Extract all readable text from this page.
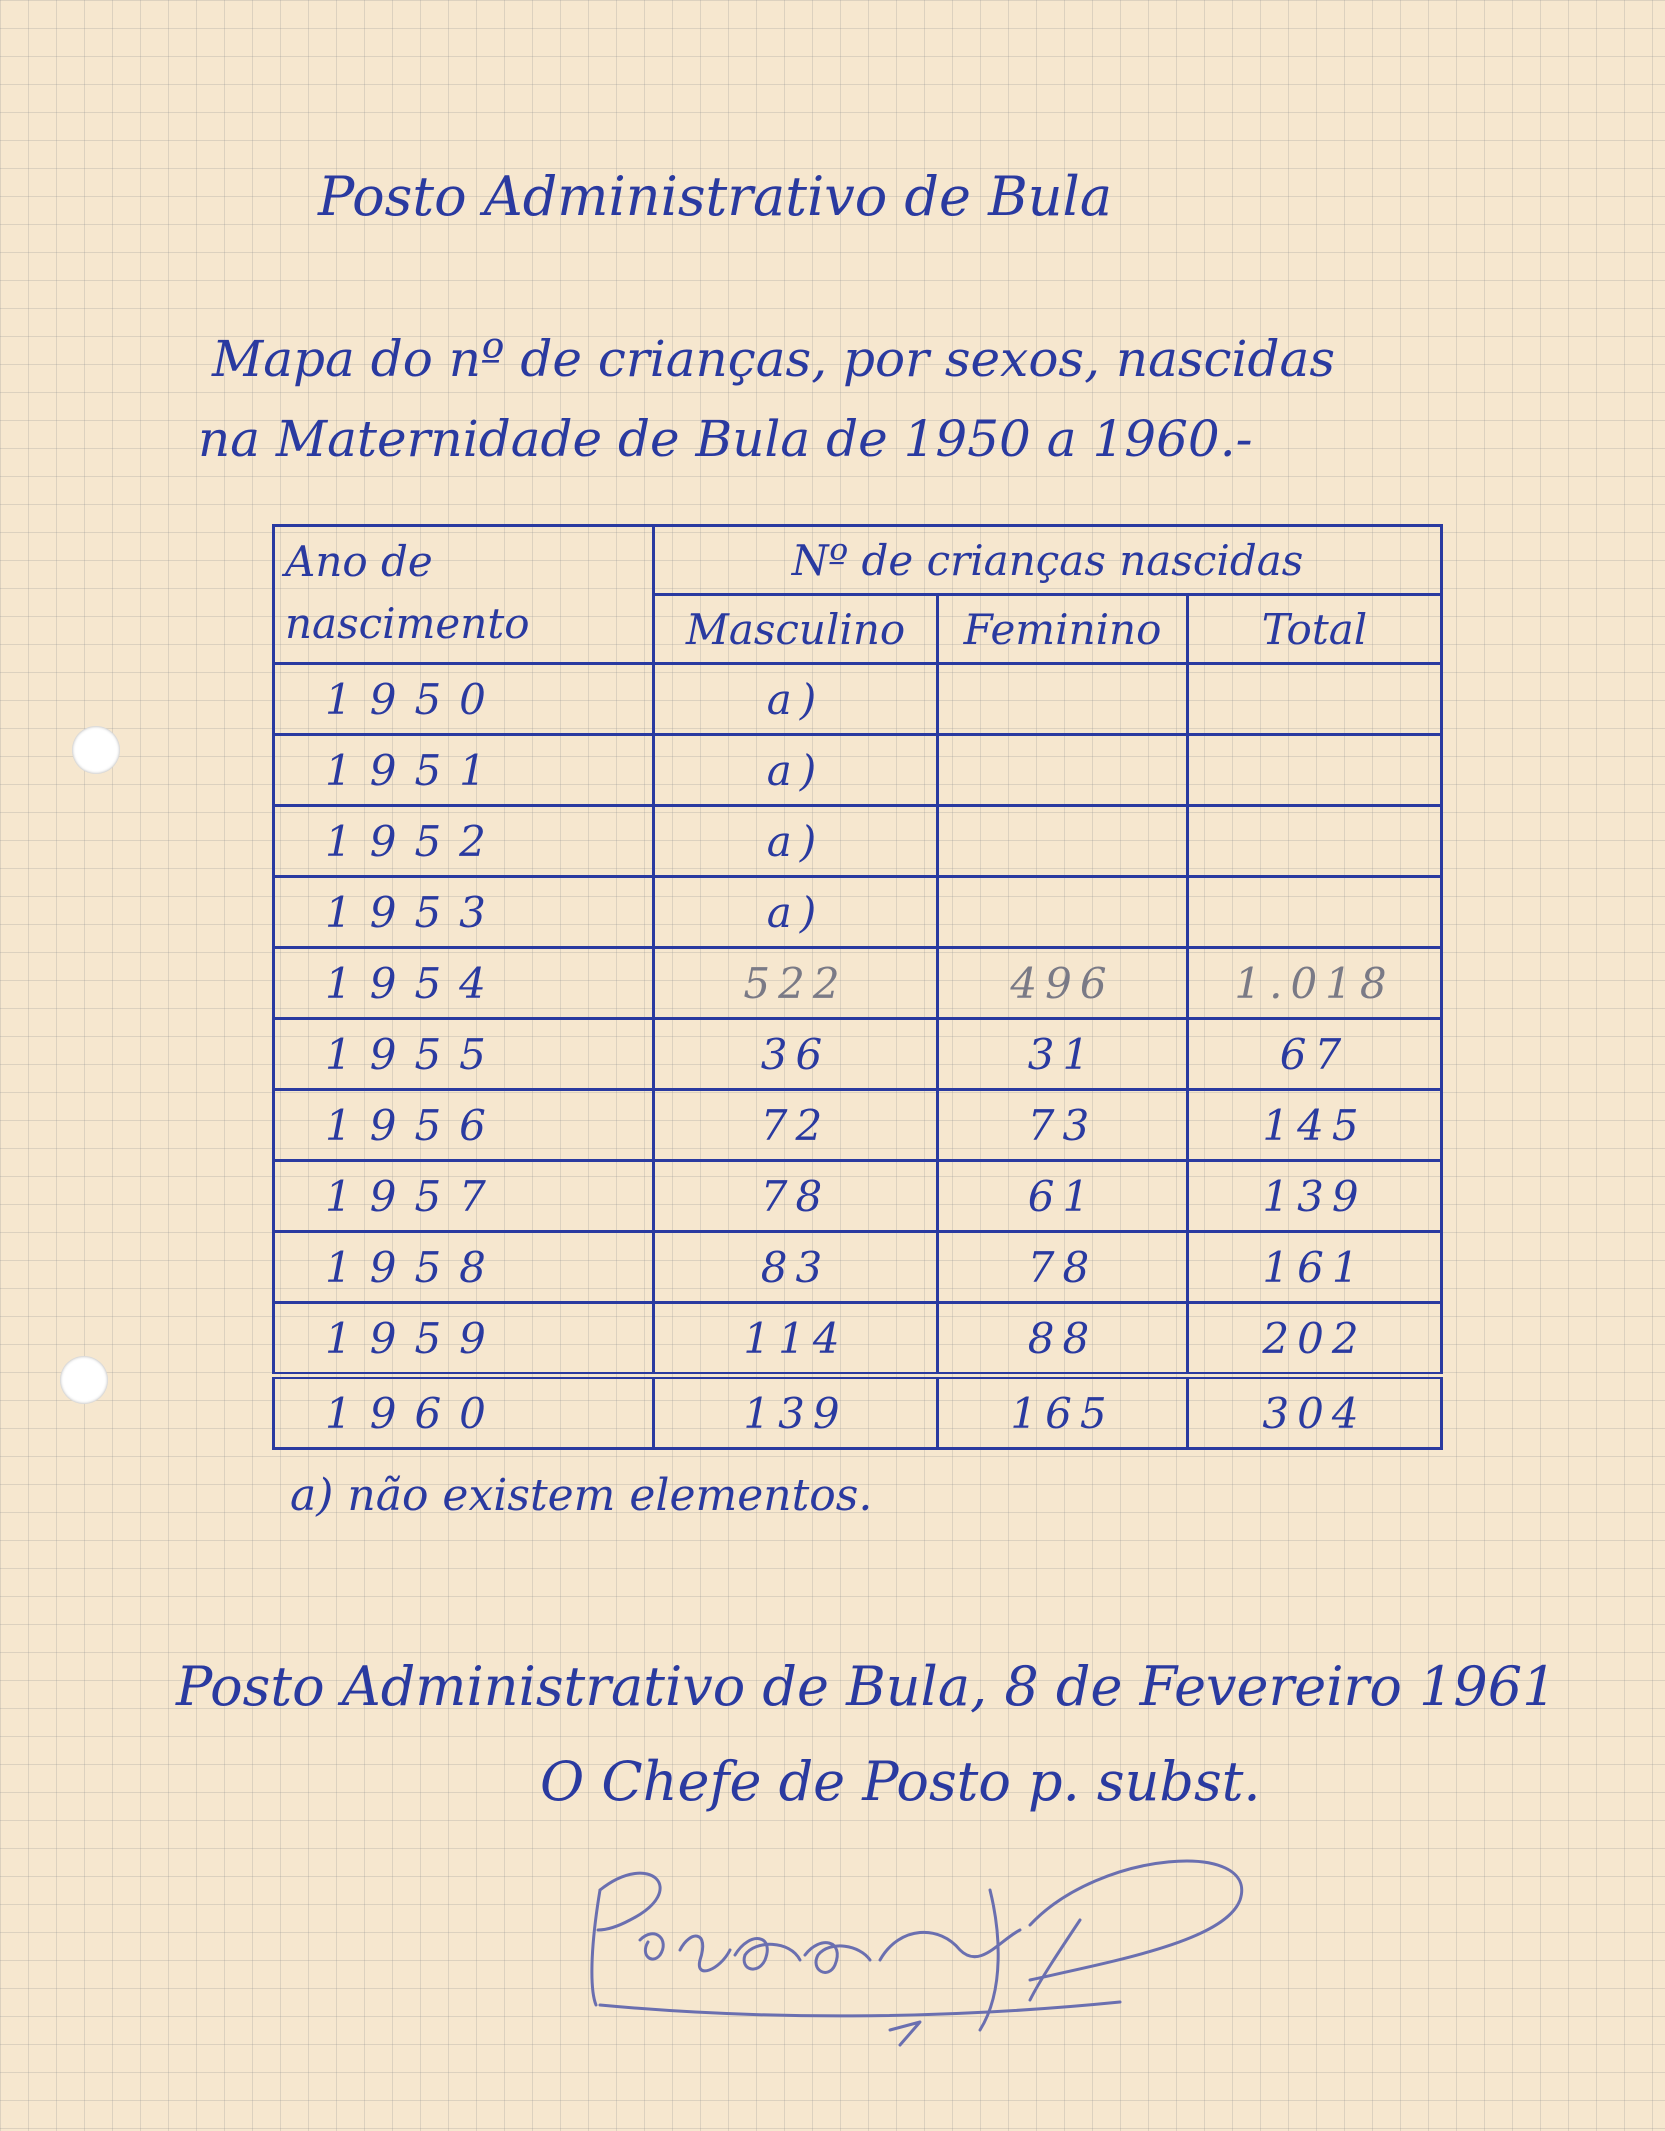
Posto Administrativo de Bula
Mapa do nº de crianças, por sexos, nascidas
na Maternidade de Bula de 1950 a 1960.-
Ano de nascimento	Nº de crianças nascidas		
	Masculino	Feminino	Total
1950	a)		
1951	a)		
1952	a)		
1953	a)		
1954	522	496	1.018
1955	36	31	67
1956	72	73	145
1957	78	61	139
1958	83	78	161
1959	114	88	202
1960	139	165	304
a) não existem elementos.
Posto Administrativo de Bula, 8 de Fevereiro 1961
O Chefe de Posto p. subst.
